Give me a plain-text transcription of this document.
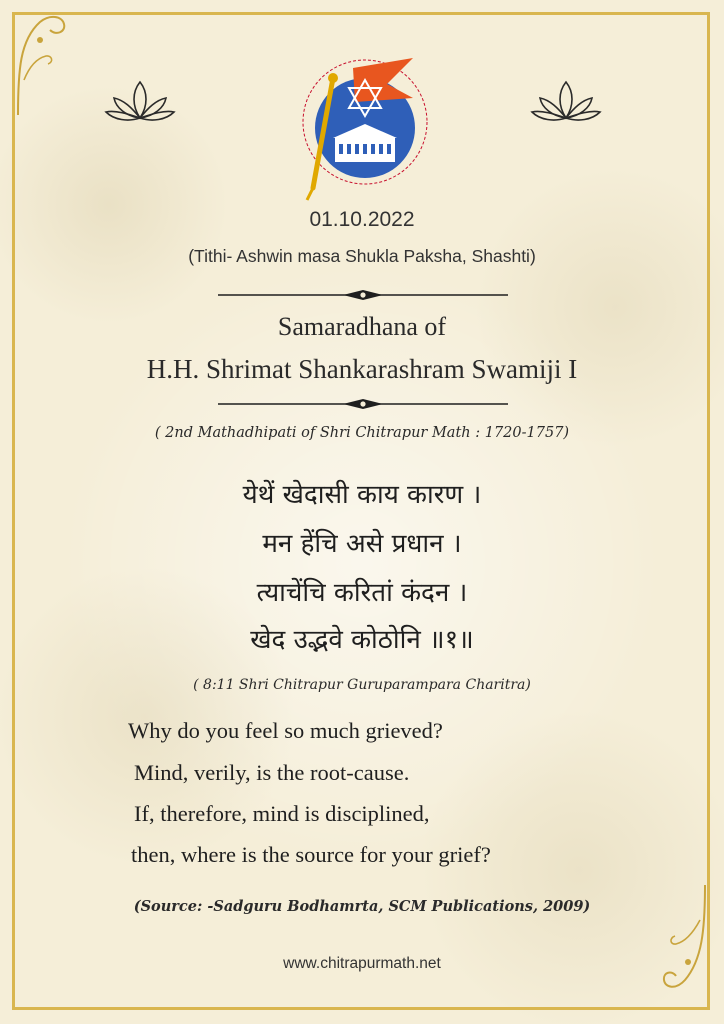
01.10.2022
(Tithi- Ashwin masa Shukla Paksha, Shashti)
Samaradhana of
H.H. Shrimat Shankarashram Swamiji I
( 2nd Mathadhipati of Shri Chitrapur Math : 1720-1757)
येथें खेदासी काय कारण ।
मन हेंचि असे प्रधान ।
त्याचेंचि करितां कंदन ।
खेद उद्भवे कोठोनि ॥१॥
( 8:11 Shri Chitrapur Guruparampara Charitra)
Why do you feel so much grieved?
Mind, verily, is the root-cause.
If, therefore, mind is disciplined,
then, where is the source for your grief?
(Source: -Sadguru Bodhamrta, SCM Publications, 2009)
www.chitrapurmath.net
